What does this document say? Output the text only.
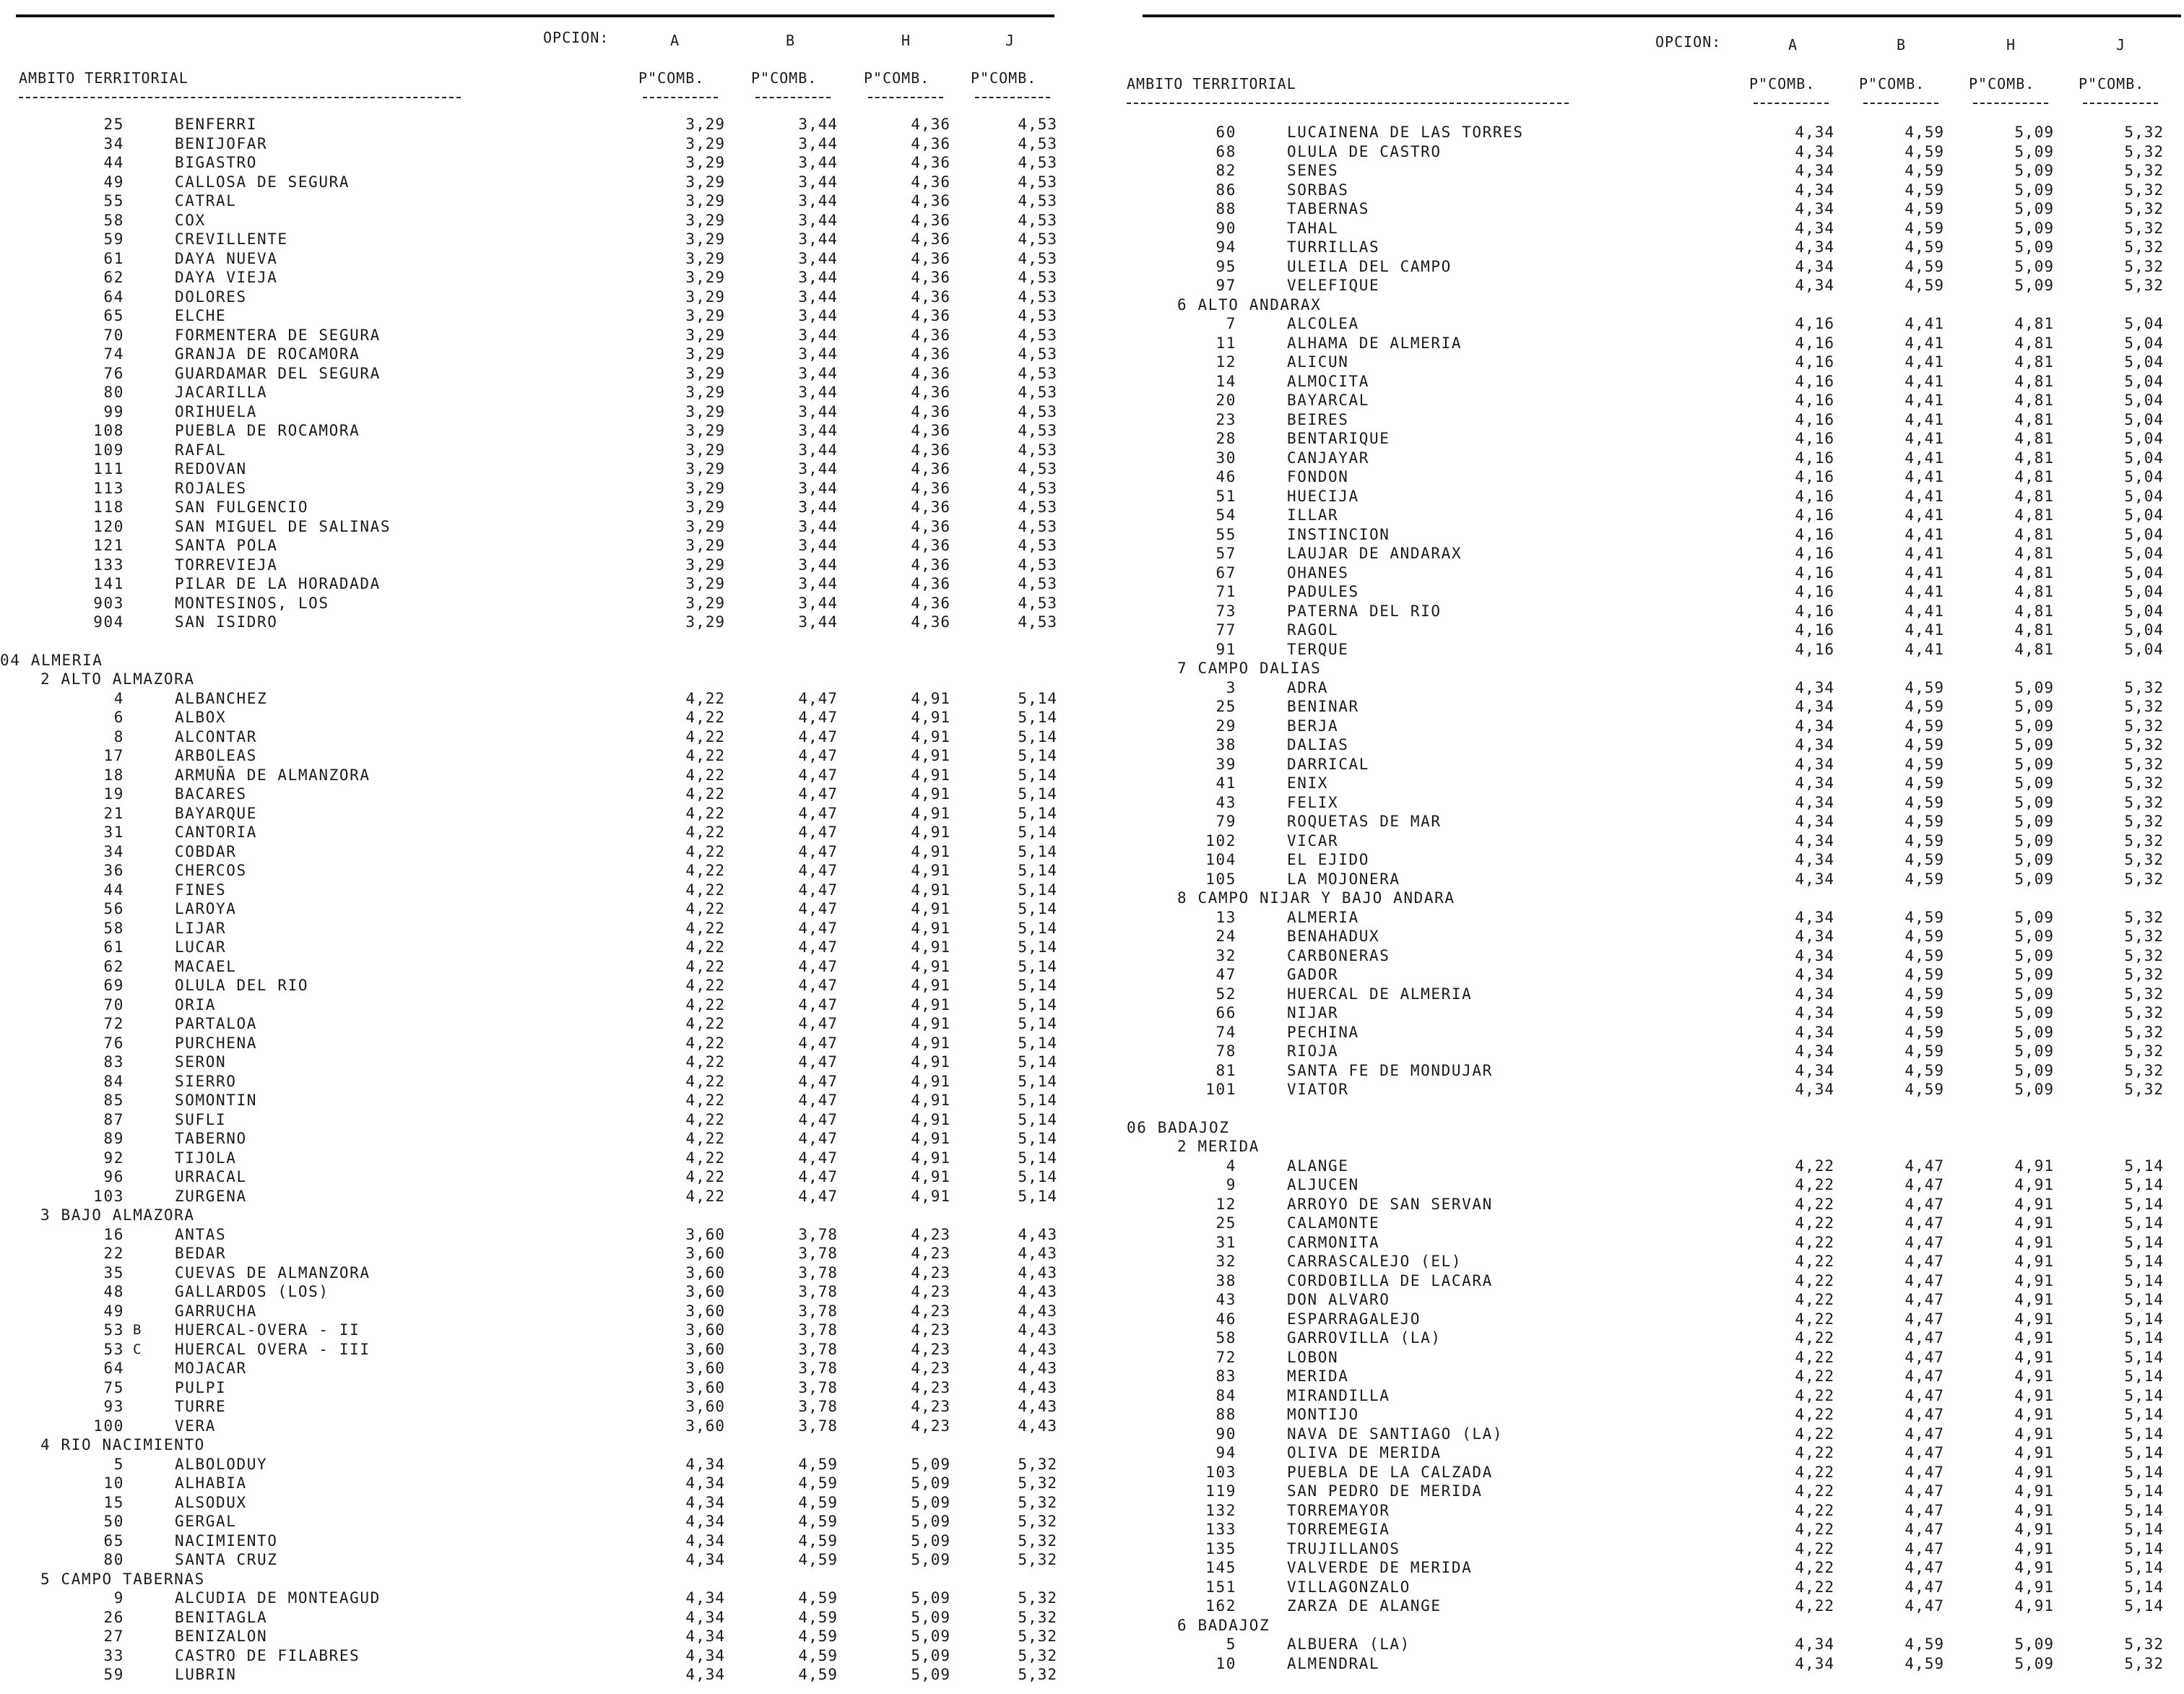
OPCION:	A	B	H	J
AMBITO TERRITORIAL	P"COMB.	P"COMB.	P"COMB.	P"COMB.
25	BENFERRI	3,29	3,44	4,36	4,53
34	BENIJOFAR	3,29	3,44	4,36	4,53
44	BIGASTRO	3,29	3,44	4,36	4,53
49	CALLOSA DE SEGURA	3,29	3,44	4,36	4,53
55	CATRAL	3,29	3,44	4,36	4,53
58	COX	3,29	3,44	4,36	4,53
59	CREVILLENTE	3,29	3,44	4,36	4,53
61	DAYA NUEVA	3,29	3,44	4,36	4,53
62	DAYA VIEJA	3,29	3,44	4,36	4,53
64	DOLORES	3,29	3,44	4,36	4,53
65	ELCHE	3,29	3,44	4,36	4,53
70	FORMENTERA DE SEGURA	3,29	3,44	4,36	4,53
74	GRANJA DE ROCAMORA	3,29	3,44	4,36	4,53
76	GUARDAMAR DEL SEGURA	3,29	3,44	4,36	4,53
80	JACARILLA	3,29	3,44	4,36	4,53
99	ORIHUELA	3,29	3,44	4,36	4,53
108	PUEBLA DE ROCAMORA	3,29	3,44	4,36	4,53
109	RAFAL	3,29	3,44	4,36	4,53
111	REDOVAN	3,29	3,44	4,36	4,53
113	ROJALES	3,29	3,44	4,36	4,53
118	SAN FULGENCIO	3,29	3,44	4,36	4,53
120	SAN MIGUEL DE SALINAS	3,29	3,44	4,36	4,53
121	SANTA POLA	3,29	3,44	4,36	4,53
133	TORREVIEJA	3,29	3,44	4,36	4,53
141	PILAR DE LA HORADADA	3,29	3,44	4,36	4,53
903	MONTESINOS, LOS	3,29	3,44	4,36	4,53
904	SAN ISIDRO	3,29	3,44	4,36	4,53
04 ALMERIA
2 ALTO ALMAZORA
4	ALBANCHEZ	4,22	4,47	4,91	5,14
6	ALBOX	4,22	4,47	4,91	5,14
8	ALCONTAR	4,22	4,47	4,91	5,14
17	ARBOLEAS	4,22	4,47	4,91	5,14
18	ARMUÑA DE ALMANZORA	4,22	4,47	4,91	5,14
19	BACARES	4,22	4,47	4,91	5,14
21	BAYARQUE	4,22	4,47	4,91	5,14
31	CANTORIA	4,22	4,47	4,91	5,14
34	COBDAR	4,22	4,47	4,91	5,14
36	CHERCOS	4,22	4,47	4,91	5,14
44	FINES	4,22	4,47	4,91	5,14
56	LAROYA	4,22	4,47	4,91	5,14
58	LIJAR	4,22	4,47	4,91	5,14
61	LUCAR	4,22	4,47	4,91	5,14
62	MACAEL	4,22	4,47	4,91	5,14
69	OLULA DEL RIO	4,22	4,47	4,91	5,14
70	ORIA	4,22	4,47	4,91	5,14
72	PARTALOA	4,22	4,47	4,91	5,14
76	PURCHENA	4,22	4,47	4,91	5,14
83	SERON	4,22	4,47	4,91	5,14
84	SIERRO	4,22	4,47	4,91	5,14
85	SOMONTIN	4,22	4,47	4,91	5,14
87	SUFLI	4,22	4,47	4,91	5,14
89	TABERNO	4,22	4,47	4,91	5,14
92	TIJOLA	4,22	4,47	4,91	5,14
96	URRACAL	4,22	4,47	4,91	5,14
103	ZURGENA	4,22	4,47	4,91	5,14
3 BAJO ALMAZORA
16	ANTAS	3,60	3,78	4,23	4,43
22	BEDAR	3,60	3,78	4,23	4,43
35	CUEVAS DE ALMANZORA	3,60	3,78	4,23	4,43
48	GALLARDOS (LOS)	3,60	3,78	4,23	4,43
49	GARRUCHA	3,60	3,78	4,23	4,43
53 B HUERCAL-OVERA - II	3,60	3,78	4,23	4,43
53 C HUERCAL OVERA - III	3,60	3,78	4,23	4,43
64	MOJACAR	3,60	3,78	4,23	4,43
75	PULPI	3,60	3,78	4,23	4,43
93	TURRE	3,60	3,78	4,23	4,43
100	VERA	3,60	3,78	4,23	4,43
4 RIO NACIMIENTO
5	ALBOLODUY	4,34	4,59	5,09	5,32
10	ALHABIA	4,34	4,59	5,09	5,32
15	ALSODUX	4,34	4,59	5,09	5,32
50	GERGAL	4,34	4,59	5,09	5,32
65	NACIMIENTO	4,34	4,59	5,09	5,32
80	SANTA CRUZ	4,34	4,59	5,09	5,32
5 CAMPO TABERNAS
9	ALCUDIA DE MONTEAGUD	4,34	4,59	5,09	5,32
26	BENITAGLA	4,34	4,59	5,09	5,32
27	BENIZALON	4,34	4,59	5,09	5,32
33	CASTRO DE FILABRES	4,34	4,59	5,09	5,32
59	LUBRIN	4,34	4,59	5,09	5,32
OPCION:	A	B	H	J
AMBITO TERRITORIAL	P"COMB.	P"COMB.	P"COMB.	P"COMB.
60	LUCAINENA DE LAS TORRES	4,34	4,59	5,09	5,32
68	OLULA DE CASTRO	4,34	4,59	5,09	5,32
82	SENES	4,34	4,59	5,09	5,32
86	SORBAS	4,34	4,59	5,09	5,32
88	TABERNAS	4,34	4,59	5,09	5,32
90	TAHAL	4,34	4,59	5,09	5,32
94	TURRILLAS	4,34	4,59	5,09	5,32
95	ULEILA DEL CAMPO	4,34	4,59	5,09	5,32
97	VELEFIQUE	4,34	4,59	5,09	5,32
6 ALTO ANDARAX
7	ALCOLEA	4,16	4,41	4,81	5,04
11	ALHAMA DE ALMERIA	4,16	4,41	4,81	5,04
12	ALICUN	4,16	4,41	4,81	5,04
14	ALMOCITA	4,16	4,41	4,81	5,04
20	BAYARCAL	4,16	4,41	4,81	5,04
23	BEIRES	4,16	4,41	4,81	5,04
28	BENTARIQUE	4,16	4,41	4,81	5,04
30	CANJAYAR	4,16	4,41	4,81	5,04
46	FONDON	4,16	4,41	4,81	5,04
51	HUECIJA	4,16	4,41	4,81	5,04
54	ILLAR	4,16	4,41	4,81	5,04
55	INSTINCION	4,16	4,41	4,81	5,04
57	LAUJAR DE ANDARAX	4,16	4,41	4,81	5,04
67	OHANES	4,16	4,41	4,81	5,04
71	PADULES	4,16	4,41	4,81	5,04
73	PATERNA DEL RIO	4,16	4,41	4,81	5,04
77	RAGOL	4,16	4,41	4,81	5,04
91	TERQUE	4,16	4,41	4,81	5,04
7 CAMPO DALIAS
3	ADRA	4,34	4,59	5,09	5,32
25	BENINAR	4,34	4,59	5,09	5,32
29	BERJA	4,34	4,59	5,09	5,32
38	DALIAS	4,34	4,59	5,09	5,32
39	DARRICAL	4,34	4,59	5,09	5,32
41	ENIX	4,34	4,59	5,09	5,32
43	FELIX	4,34	4,59	5,09	5,32
79	ROQUETAS DE MAR	4,34	4,59	5,09	5,32
102	VICAR	4,34	4,59	5,09	5,32
104	EL EJIDO	4,34	4,59	5,09	5,32
105	LA MOJONERA	4,34	4,59	5,09	5,32
8 CAMPO NIJAR Y BAJO ANDARA
13	ALMERIA	4,34	4,59	5,09	5,32
24	BENAHADUX	4,34	4,59	5,09	5,32
32	CARBONERAS	4,34	4,59	5,09	5,32
47	GADOR	4,34	4,59	5,09	5,32
52	HUERCAL DE ALMERIA	4,34	4,59	5,09	5,32
66	NIJAR	4,34	4,59	5,09	5,32
74	PECHINA	4,34	4,59	5,09	5,32
78	RIOJA	4,34	4,59	5,09	5,32
81	SANTA FE DE MONDUJAR	4,34	4,59	5,09	5,32
101	VIATOR	4,34	4,59	5,09	5,32
06 BADAJOZ
2 MERIDA
4	ALANGE	4,22	4,47	4,91	5,14
9	ALJUCEN	4,22	4,47	4,91	5,14
12	ARROYO DE SAN SERVAN	4,22	4,47	4,91	5,14
25	CALAMONTE	4,22	4,47	4,91	5,14
31	CARMONITA	4,22	4,47	4,91	5,14
32	CARRASCALEJO (EL)	4,22	4,47	4,91	5,14
38	CORDOBILLA DE LACARA	4,22	4,47	4,91	5,14
43	DON ALVARO	4,22	4,47	4,91	5,14
46	ESPARRAGALEJO	4,22	4,47	4,91	5,14
58	GARROVILLA (LA)	4,22	4,47	4,91	5,14
72	LOBON	4,22	4,47	4,91	5,14
83	MERIDA	4,22	4,47	4,91	5,14
84	MIRANDILLA	4,22	4,47	4,91	5,14
88	MONTIJO	4,22	4,47	4,91	5,14
90	NAVA DE SANTIAGO (LA)	4,22	4,47	4,91	5,14
94	OLIVA DE MERIDA	4,22	4,47	4,91	5,14
103	PUEBLA DE LA CALZADA	4,22	4,47	4,91	5,14
119	SAN PEDRO DE MERIDA	4,22	4,47	4,91	5,14
132	TORREMAYOR	4,22	4,47	4,91	5,14
133	TORREMEGIA	4,22	4,47	4,91	5,14
135	TRUJILLANOS	4,22	4,47	4,91	5,14
145	VALVERDE DE MERIDA	4,22	4,47	4,91	5,14
151	VILLAGONZALO	4,22	4,47	4,91	5,14
162	ZARZA DE ALANGE	4,22	4,47	4,91	5,14
6 BADAJOZ
5	ALBUERA (LA)	4,34	4,59	5,09	5,32
10	ALMENDRAL	4,34	4,59	5,09	5,32
